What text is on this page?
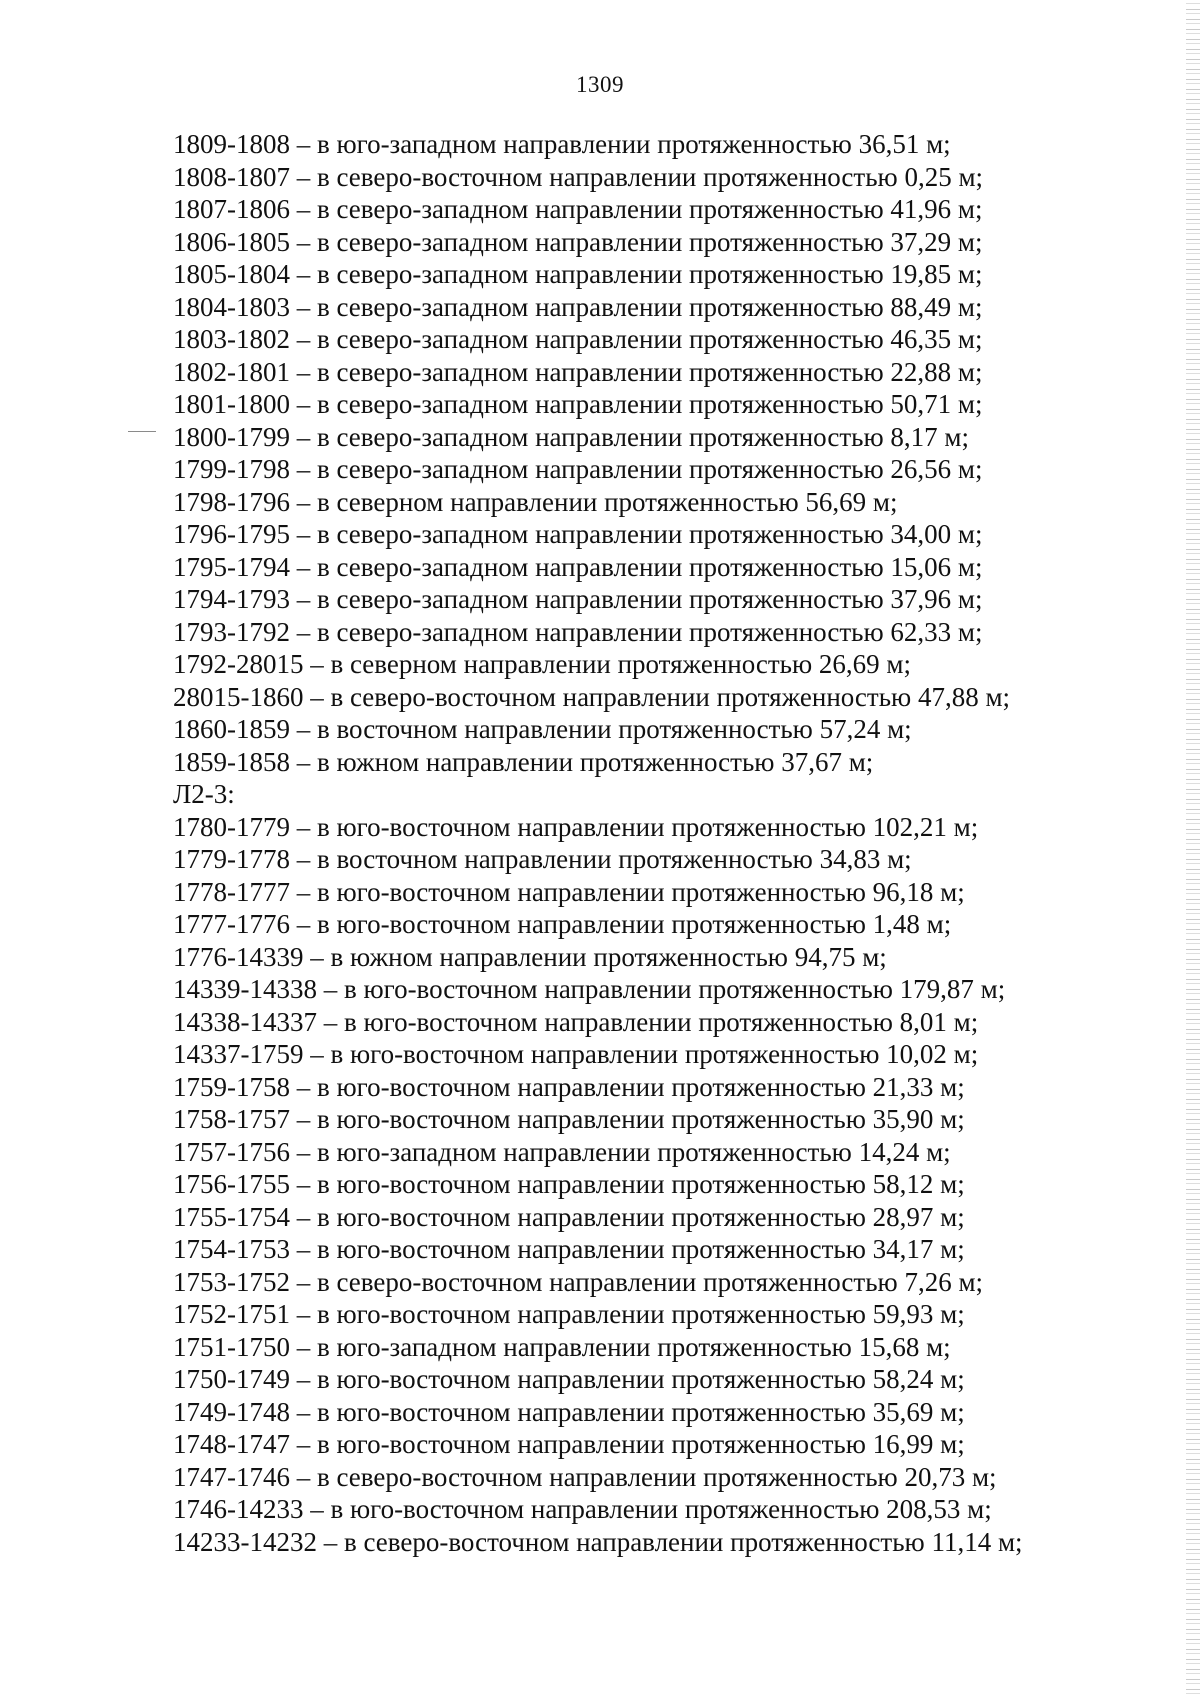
1309
1809-1808 – в юго-западном направлении протяженностью 36,51 м;
1808-1807 – в северо-восточном направлении протяженностью 0,25 м;
1807-1806 – в северо-западном направлении протяженностью 41,96 м;
1806-1805 – в северо-западном направлении протяженностью 37,29 м;
1805-1804 – в северо-западном направлении протяженностью 19,85 м;
1804-1803 – в северо-западном направлении протяженностью 88,49 м;
1803-1802 – в северо-западном направлении протяженностью 46,35 м;
1802-1801 – в северо-западном направлении протяженностью 22,88 м;
1801-1800 – в северо-западном направлении протяженностью 50,71 м;
1800-1799 – в северо-западном направлении протяженностью 8,17 м;
1799-1798 – в северо-западном направлении протяженностью 26,56 м;
1798-1796 – в северном направлении протяженностью 56,69 м;
1796-1795 – в северо-западном направлении протяженностью 34,00 м;
1795-1794 – в северо-западном направлении протяженностью 15,06 м;
1794-1793 – в северо-западном направлении протяженностью 37,96 м;
1793-1792 – в северо-западном направлении протяженностью 62,33 м;
1792-28015 – в северном направлении протяженностью 26,69 м;
28015-1860 – в северо-восточном направлении протяженностью 47,88 м;
1860-1859 – в восточном направлении протяженностью 57,24 м;
1859-1858 – в южном направлении протяженностью 37,67 м;
Л2-3:
1780-1779 – в юго-восточном направлении протяженностью 102,21 м;
1779-1778 – в восточном направлении протяженностью 34,83 м;
1778-1777 – в юго-восточном направлении протяженностью 96,18 м;
1777-1776 – в юго-восточном направлении протяженностью 1,48 м;
1776-14339 – в южном направлении протяженностью 94,75 м;
14339-14338 – в юго-восточном направлении протяженностью 179,87 м;
14338-14337 – в юго-восточном направлении протяженностью 8,01 м;
14337-1759 – в юго-восточном направлении протяженностью 10,02 м;
1759-1758 – в юго-восточном направлении протяженностью 21,33 м;
1758-1757 – в юго-восточном направлении протяженностью 35,90 м;
1757-1756 – в юго-западном направлении протяженностью 14,24 м;
1756-1755 – в юго-восточном направлении протяженностью 58,12 м;
1755-1754 – в юго-восточном направлении протяженностью 28,97 м;
1754-1753 – в юго-восточном направлении протяженностью 34,17 м;
1753-1752 – в северо-восточном направлении протяженностью 7,26 м;
1752-1751 – в юго-восточном направлении протяженностью 59,93 м;
1751-1750 – в юго-западном направлении протяженностью 15,68 м;
1750-1749 – в юго-восточном направлении протяженностью 58,24 м;
1749-1748 – в юго-восточном направлении протяженностью 35,69 м;
1748-1747 – в юго-восточном направлении протяженностью 16,99 м;
1747-1746 – в северо-восточном направлении протяженностью 20,73 м;
1746-14233 – в юго-восточном направлении протяженностью 208,53 м;
14233-14232 – в северо-восточном направлении протяженностью 11,14 м;
